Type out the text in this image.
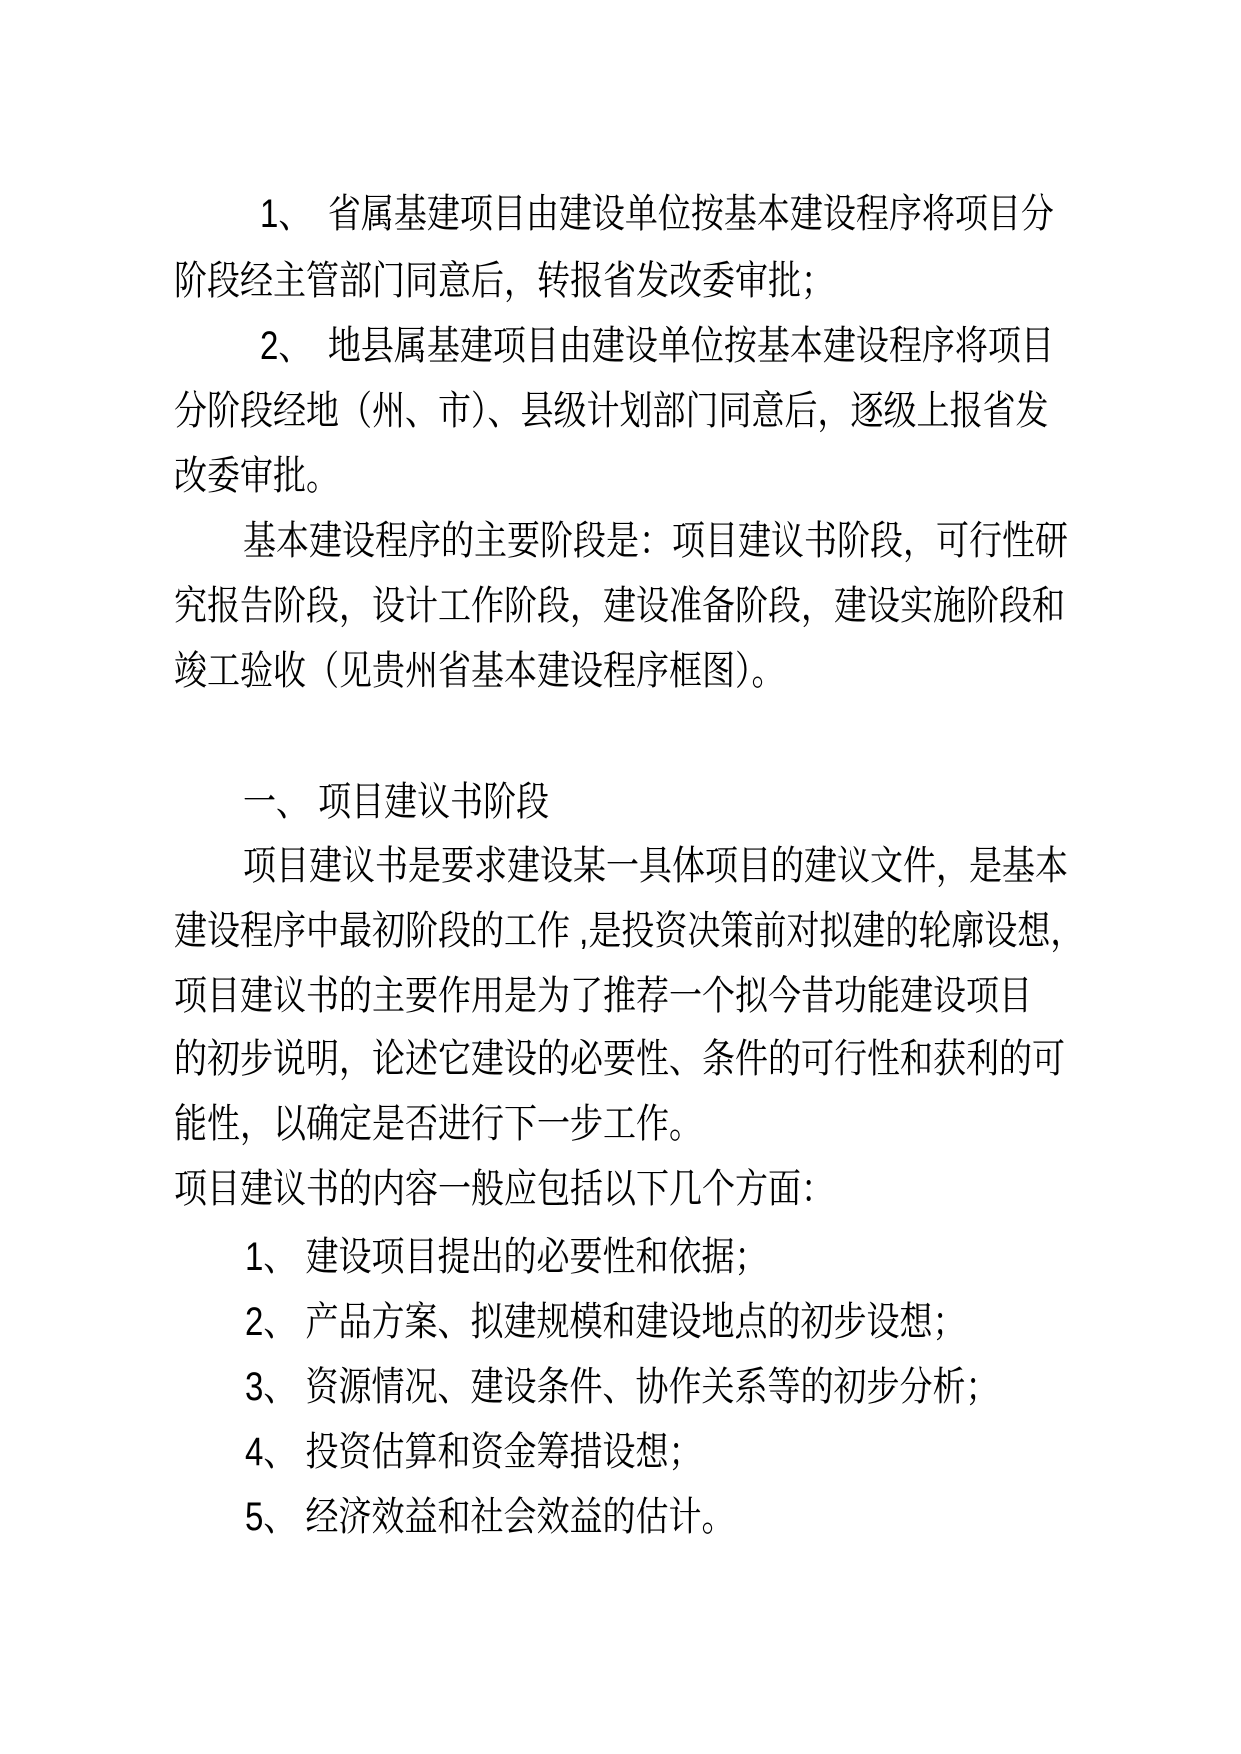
1、　省属基建项目由建设单位按基本建设程序将项目分
阶段经主管部门同意后，转报省发改委审批；
2、　地县属基建项目由建设单位按基本建设程序将项目
分阶段经地（州、市）、县级计划部门同意后，逐级上报省发
改委审批。
基本建设程序的主要阶段是：项目建议书阶段，可行性研
究报告阶段，设计工作阶段，建设准备阶段，建设实施阶段和
竣工验收（见贵州省基本建设程序框图）。
一、 项目建议书阶段
项目建议书是要求建设某一具体项目的建议文件，是基本
建设程序中最初阶段的工作 ,是投资决策前对拟建的轮廓设想，
项目建议书的主要作用是为了推荐一个拟今昔功能建设项目
的初步说明，论述它建设的必要性、条件的可行性和获利的可
能性，以确定是否进行下一步工作。
项目建议书的内容一般应包括以下几个方面：
1、 建设项目提出的必要性和依据；
2、 产品方案、拟建规模和建设地点的初步设想；
3、 资源情况、建设条件、协作关系等的初步分析；
4、 投资估算和资金筹措设想；
5、 经济效益和社会效益的估计。
